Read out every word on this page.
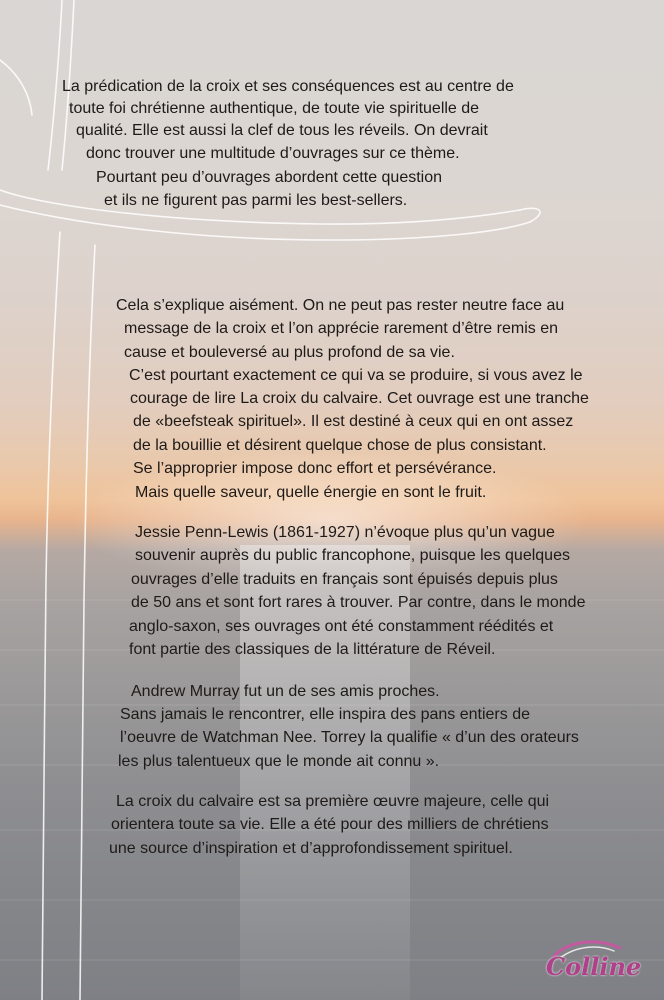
La prédication de la croix et ses conséquences est au centre de
toute foi chrétienne authentique, de toute vie spirituelle de
qualité. Elle est aussi la clef de tous les réveils. On devrait
donc trouver une multitude d’ouvrages sur ce thème.
Pourtant peu d’ouvrages abordent cette question
et ils ne figurent pas parmi les best-sellers.
Cela s’explique aisément. On ne peut pas rester neutre face au
message de la croix et l’on apprécie rarement d’être remis en
cause et bouleversé au plus profond de sa vie.
C’est pourtant exactement ce qui va se produire, si vous avez le
courage de lire La croix du calvaire. Cet ouvrage est une tranche
de «beefsteak spirituel». Il est destiné à ceux qui en ont assez
de la bouillie et désirent quelque chose de plus consistant.
Se l’approprier impose donc effort et persévérance.
Mais quelle saveur, quelle énergie en sont le fruit.
Jessie Penn-Lewis (1861-1927) n’évoque plus qu’un vague
souvenir auprès du public francophone, puisque les quelques
ouvrages d’elle traduits en français sont épuisés depuis plus
de 50 ans et sont fort rares à trouver. Par contre, dans le monde
anglo-saxon, ses ouvrages ont été constamment réédités et
font partie des classiques de la littérature de Réveil.
Andrew Murray fut un de ses amis proches.
Sans jamais le rencontrer, elle inspira des pans entiers de
l’oeuvre de Watchman Nee. Torrey la qualifie « d’un des orateurs
les plus talentueux que le monde ait connu ».
La croix du calvaire est sa première œuvre majeure, celle qui
orientera toute sa vie. Elle a été pour des milliers de chrétiens
une source d’inspiration et d’approfondissement spirituel.
Colline
